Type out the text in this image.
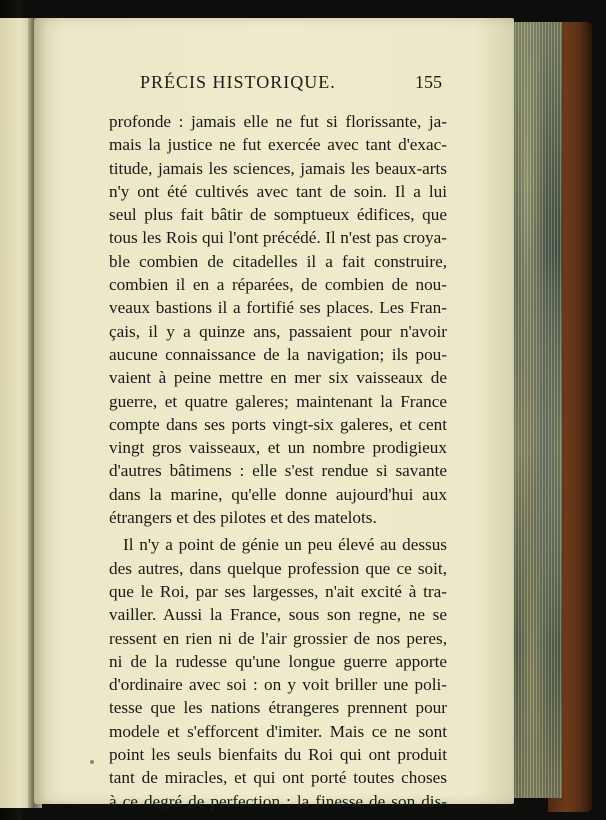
PRÉCIS HISTORIQUE.	155
profonde : jamais elle ne fut si florissante, ja-
mais la justice ne fut exercée avec tant d'exac-
titude, jamais les sciences, jamais les beaux-arts
n'y ont été cultivés avec tant de soin. Il a lui
seul plus fait bâtir de somptueux édifices, que
tous les Rois qui l'ont précédé. Il n'est pas croya-
ble combien de citadelles il a fait construire,
combien il en a réparées, de combien de nou-
veaux bastions il a fortifié ses places. Les Fran-
çais, il y a quinze ans, passaient pour n'avoir
aucune connaissance de la navigation; ils pou-
vaient à peine mettre en mer six vaisseaux de
guerre, et quatre galeres; maintenant la France
compte dans ses ports vingt-six galeres, et cent
vingt gros vaisseaux, et un nombre prodigieux
d'autres bâtimens : elle s'est rendue si savante
dans la marine, qu'elle donne aujourd'hui aux
étrangers et des pilotes et des matelots.
Il n'y a point de génie un peu élevé au dessus
des autres, dans quelque profession que ce soit,
que le Roi, par ses largesses, n'ait excité à tra-
vailler. Aussi la France, sous son regne, ne se
ressent en rien ni de l'air grossier de nos peres,
ni de la rudesse qu'une longue guerre apporte
d'ordinaire avec soi : on y voit briller une poli-
tesse que les nations étrangeres prennent pour
modele et s'efforcent d'imiter. Mais ce ne sont
point les seuls bienfaits du Roi qui ont produit
tant de miracles, et qui ont porté toutes choses
à ce degré de perfection : la finesse de son dis-
